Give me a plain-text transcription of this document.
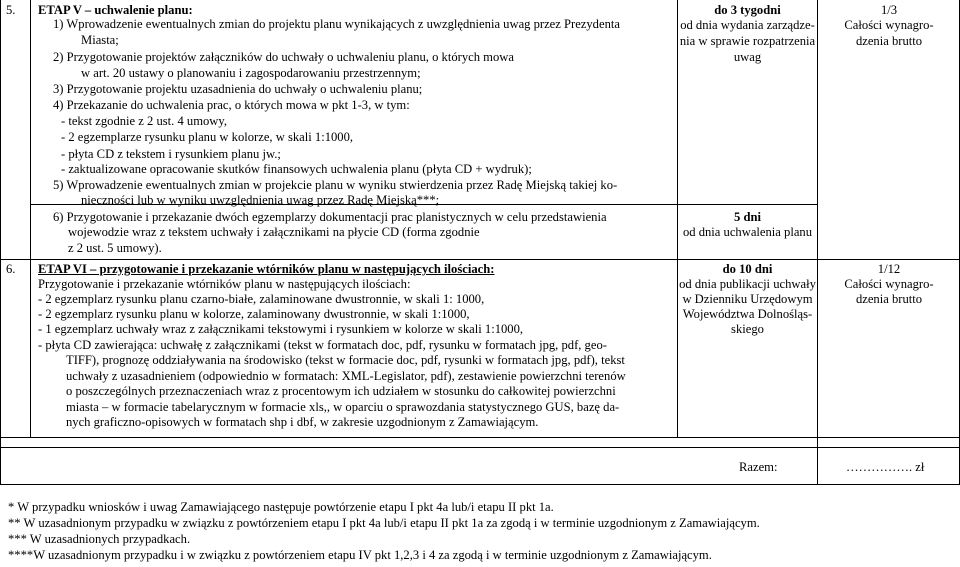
5. ETAP V – uchwalenie planu:
1) Wprowadzenie ewentualnych zmian do projektu planu wynikających z uwzględnienia uwag przez Prezydenta
Miasta;
2) Przygotowanie projektów załączników do uchwały o uchwaleniu planu, o których mowa
w art. 20 ustawy o planowaniu i zagospodarowaniu przestrzennym;
3) Przygotowanie projektu uzasadnienia do uchwały o uchwaleniu planu;
4) Przekazanie do uchwalenia prac, o których mowa w pkt 1-3, w tym:
- tekst zgodnie z 2 ust. 4 umowy,
- 2 egzemplarze rysunku planu w kolorze, w skali 1:1000,
- płyta CD z tekstem i rysunkiem planu jw.;
- zaktualizowane opracowanie skutków finansowych uchwalenia planu (płyta CD + wydruk);
5) Wprowadzenie ewentualnych zmian w projekcie planu w wyniku stwierdzenia przez Radę Miejską takiej ko-
nieczności lub w wyniku uwzględnienia uwag przez Radę Miejską***;
6) Przygotowanie i przekazanie dwóch egzemplarzy dokumentacji prac planistycznych w celu przedstawienia
wojewodzie wraz z tekstem uchwały i załącznikami na płycie CD (forma zgodnie
z 2 ust. 5 umowy).
do 3 tygodni
od dnia wydania zarządze-
nia w sprawie rozpatrzenia
uwag
5 dni
od dnia uchwalenia planu
1/3
Całości wynagro-
dzenia brutto
6. ETAP VI – przygotowanie i przekazanie wtórników planu w następujących ilościach:
Przygotowanie i przekazanie wtórników planu w następujących ilościach:
- 2 egzemplarz rysunku planu czarno-białe, zalaminowane dwustronnie, w skali 1: 1000,
- 2 egzemplarz rysunku planu w kolorze, zalaminowany dwustronnie, w skali 1:1000,
- 1 egzemplarz uchwały wraz z załącznikami tekstowymi i rysunkiem w kolorze w skali 1:1000,
- płyta CD zawierająca: uchwałę z załącznikami (tekst w formatach doc, pdf, rysunku w formatach jpg, pdf, geo-
TIFF), prognozę oddziaływania na środowisko (tekst w formacie doc, pdf, rysunki w formatach jpg, pdf), tekst
uchwały z uzasadnieniem (odpowiednio w formatach: XML-Legislator, pdf), zestawienie powierzchni terenów
o poszczególnych przeznaczeniach wraz z procentowym ich udziałem w stosunku do całkowitej powierzchni
miasta – w formacie tabelarycznym w formacie xls,, w oparciu o sprawozdania statystycznego GUS, bazę da-
nych graficzno-opisowych w formatach shp i dbf, w zakresie uzgodnionym z Zamawiającym.
do 10 dni
od dnia publikacji uchwały
w Dzienniku Urzędowym
Województwa Dolnośląs-
skiego
1/12
Całości wynagro-
dzenia brutto
Razem:	……………. zł
* W przypadku wniosków i uwag Zamawiającego następuje powtórzenie etapu I pkt 4a lub/i etapu II pkt 1a.
** W uzasadnionym przypadku w związku z powtórzeniem etapu I pkt 4a lub/i etapu II pkt 1a za zgodą i w terminie uzgodnionym z Zamawiającym.
*** W uzasadnionych przypadkach.
****W uzasadnionym przypadku i w związku z powtórzeniem etapu IV pkt 1,2,3 i 4 za zgodą i w terminie uzgodnionym z Zamawiającym.
